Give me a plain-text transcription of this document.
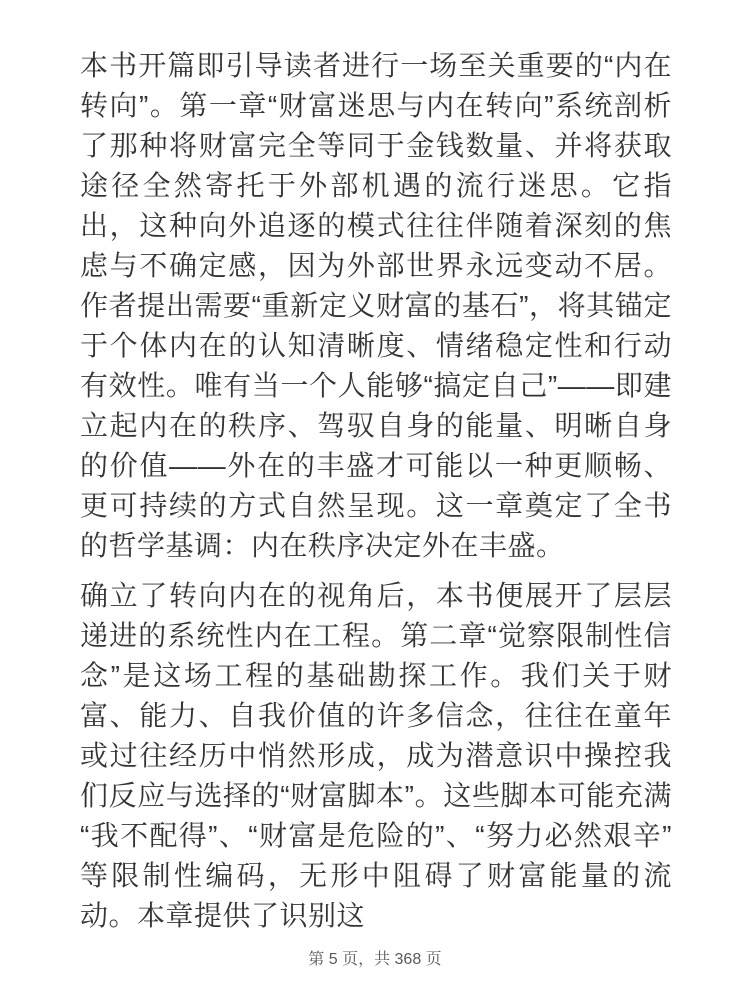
本书开篇即引导读者进行一场至关重要的“内在转向”。第一章“财富迷思与内在转向”系统剖析了那种将财富完全等同于金钱数量、并将获取途径全然寄托于外部机遇的流行迷思。它指出，这种向外追逐的模式往往伴随着深刻的焦虑与不确定感，因为外部世界永远变动不居。作者提出需要“重新定义财富的基石”，将其锚定于个体内在的认知清晰度、情绪稳定性和行动有效性。唯有当一个人能够“搞定自己”——即建立起内在的秩序、驾驭自身的能量、明晰自身的价值——外在的丰盛才可能以一种更顺畅、更可持续的方式自然呈现。这一章奠定了全书的哲学基调：内在秩序决定外在丰盛。

确立了转向内在的视角后，本书便展开了层层递进的系统性内在工程。第二章“觉察限制性信念”是这场工程的基础勘探工作。我们关于财富、能力、自我价值的许多信念，往往在童年或过往经历中悄然形成，成为潜意识中操控我们反应与选择的“财富脚本”。这些脚本可能充满“我不配得”、“财富是危险的”、“努力必然艰辛”等限制性编码，无形中阻碍了财富能量的流动。本章提供了识别这

第 5 页，共 368 页
